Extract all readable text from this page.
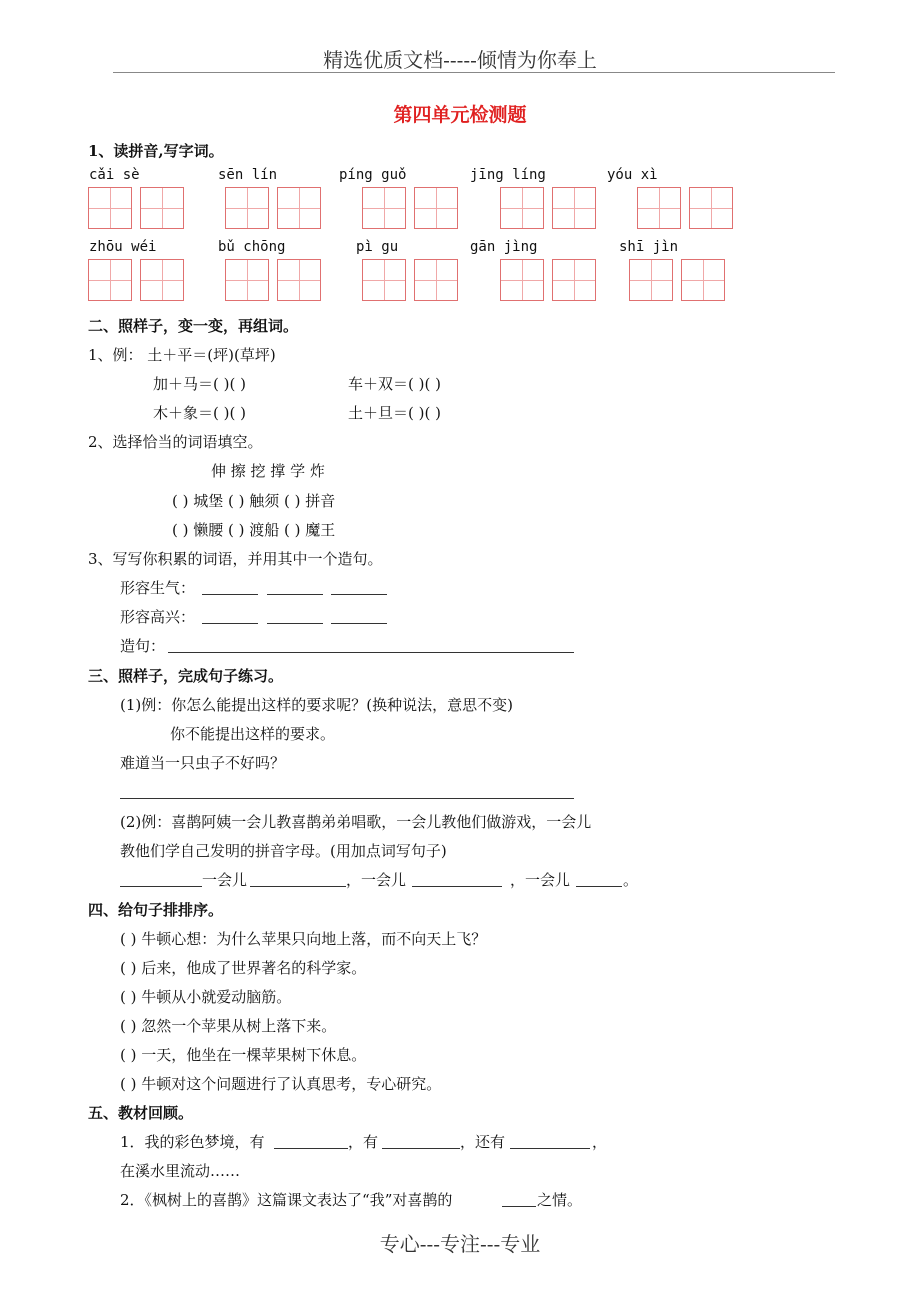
精选优质文档-----倾情为你奉上
第四单元检测题
1、读拼音,写字词。
cǎi sè	sēn lín	píng guǒ	jīng líng	yóu xì
zhōu wéi	bǔ chōng	pì gu	gān jìng	shī jìn
二、照样子，变一变，再组词。
1、例： 土＋平＝(坪)(草坪)
加＋马＝( )( )	车＋双＝( )( )
木＋象＝( )( )	土＋旦＝( )( )
2、选择恰当的词语填空。
伸 擦 挖 撑 学 炸
( ) 城堡 ( ) 触须 ( ) 拼音
( ) 懒腰 ( ) 渡船 ( ) 魔王
3、写写你积累的词语，并用其中一个造句。
形容生气：
形容高兴：
造句：
三、照样子，完成句子练习。
(1)例：你怎么能提出这样的要求呢？(换种说法，意思不变)
你不能提出这样的要求。
难道当一只虫子不好吗？
(2)例：喜鹊阿姨一会儿教喜鹊弟弟唱歌，一会儿教他们做游戏，一会儿
教他们学自己发明的拼音字母。(用加点词写句子)
一会儿	，一会儿	，一会儿	。
四、给句子排排序。
( ) 牛顿心想：为什么苹果只向地上落，而不向天上飞？
( ) 后来，他成了世界著名的科学家。
( ) 牛顿从小就爱动脑筋。
( ) 忽然一个苹果从树上落下来。
( ) 一天，他坐在一棵苹果树下休息。
( ) 牛顿对这个问题进行了认真思考，专心研究。
五、教材回顾。
1．我的彩色梦境，有	，有	，还有	，
在溪水里流动……
2．《枫树上的喜鹊》这篇课文表达了“我”对喜鹊的	之情。
专心---专注---专业
